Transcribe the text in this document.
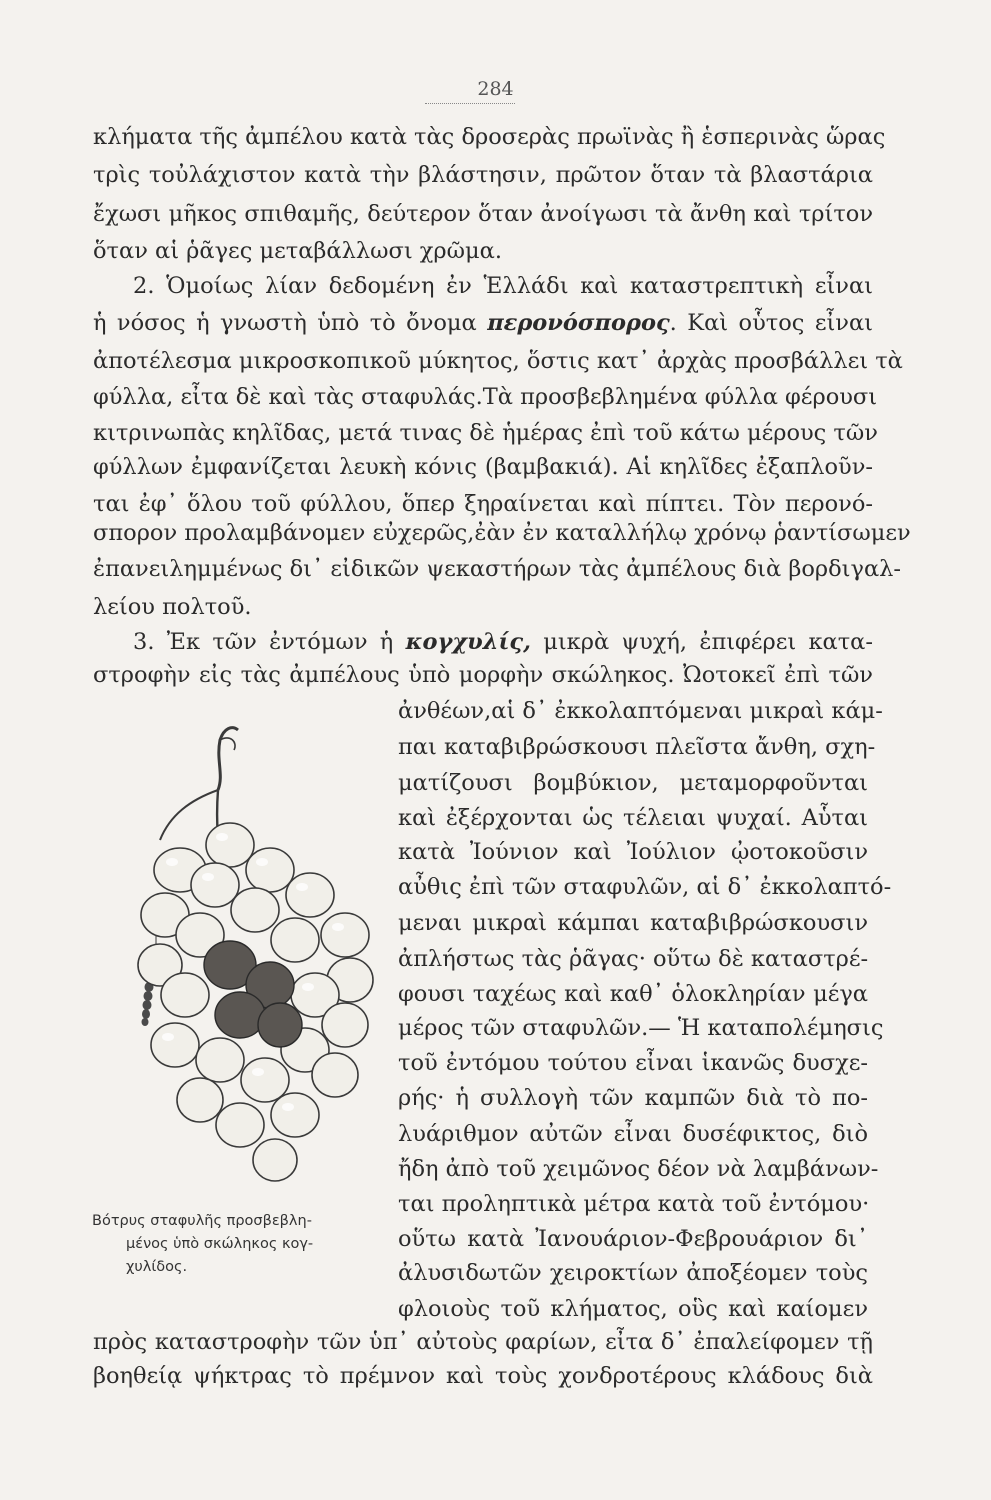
284
κλήματα τῆς ἀμπέλου κατὰ τὰς δροσερὰς πρωϊνὰς ἢ ἑσπερινὰς ὥρας
τρὶς τοὐλάχιστον κατὰ τὴν βλάστησιν, πρῶτον ὅταν τὰ βλαστάρια
ἔχωσι μῆκος σπιθαμῆς, δεύτερον ὅταν ἀνοίγωσι τὰ ἄνθη καὶ τρίτον
ὅταν αἱ ῥᾶγες μεταβάλλωσι χρῶμα.
2. Ὁμοίως λίαν δεδομένη ἐν Ἑλλάδι καὶ καταστρεπτικὴ εἶναι
ἡ νόσος ἡ γνωστὴ ὑπὸ τὸ ὄνομα περονόσπορος. Καὶ οὗτος εἶναι
ἀποτέλεσμα μικροσκοπικοῦ μύκητος, ὅστις κατ᾽ ἀρχὰς προσβάλλει τὰ
φύλλα, εἶτα δὲ καὶ τὰς σταφυλάς.Τὰ προσβεβλημένα φύλλα φέρουσι
κιτρινωπὰς κηλῖδας, μετά τινας δὲ ἡμέρας ἐπὶ τοῦ κάτω μέρους τῶν
φύλλων ἐμφανίζεται λευκὴ κόνις (βαμβακιά). Αἱ κηλῖδες ἐξαπλοῦν-
ται ἐφ᾽ ὅλου τοῦ φύλλου, ὅπερ ξηραίνεται καὶ πίπτει. Τὸν περονό-
σπορον προλαμβάνομεν εὐχερῶς,ἐὰν ἐν καταλλήλῳ χρόνῳ ῥαντίσωμεν
ἐπανειλημμένως δι᾽ εἰδικῶν ψεκαστήρων τὰς ἀμπέλους διὰ βορδιγαλ-
λείου πολτοῦ.
3. Ἐκ τῶν ἐντόμων ἡ κογχυλίς, μικρὰ ψυχή, ἐπιφέρει κατα-
στροφὴν εἰς τὰς ἀμπέλους ὑπὸ μορφὴν σκώληκος. Ὠοτοκεῖ ἐπὶ τῶν
ἀνθέων,αἱ δ᾽ ἐκκολαπτόμεναι μικραὶ κάμ-
παι καταβιβρώσκουσι πλεῖστα ἄνθη, σχη-
ματίζουσι βομβύκιον, μεταμορφοῦνται
καὶ ἐξέρχονται ὡς τέλειαι ψυχαί. Αὗται
κατὰ Ἰούνιον καὶ Ἰούλιον ᾠοτοκοῦσιν
αὖθις ἐπὶ τῶν σταφυλῶν, αἱ δ᾽ ἐκκολαπτό-
μεναι μικραὶ κάμπαι καταβιβρώσκουσιν
ἀπλήστως τὰς ῥᾶγας· οὕτω δὲ καταστρέ-
φουσι ταχέως καὶ καθ᾽ ὁλοκληρίαν μέγα
μέρος τῶν σταφυλῶν.— Ἡ καταπολέμησις
τοῦ ἐντόμου τούτου εἶναι ἱκανῶς δυσχε-
ρής· ἡ συλλογὴ τῶν καμπῶν διὰ τὸ πο-
λυάριθμον αὐτῶν εἶναι δυσέφικτος, διὸ
ἤδη ἀπὸ τοῦ χειμῶνος δέον νὰ λαμβάνων-
ται προληπτικὰ μέτρα κατὰ τοῦ ἐντόμου·
οὕτω κατὰ Ἰανουάριον-Φεβρουάριον δι᾽
ἀλυσιδωτῶν χειροκτίων ἀποξέομεν τοὺς
φλοιοὺς τοῦ κλήματος, οὓς καὶ καίομεν
πρὸς καταστροφὴν τῶν ὑπ᾽ αὐτοὺς φαρίων, εἶτα δ᾽ ἐπαλείφομεν τῇ
βοηθείᾳ ψήκτρας τὸ πρέμνον καὶ τοὺς χονδροτέρους κλάδους διὰ
Βότρυς σταφυλῆς προσβεβλη-
μένος ὑπὸ σκώληκος κογ-
χυλίδος.
